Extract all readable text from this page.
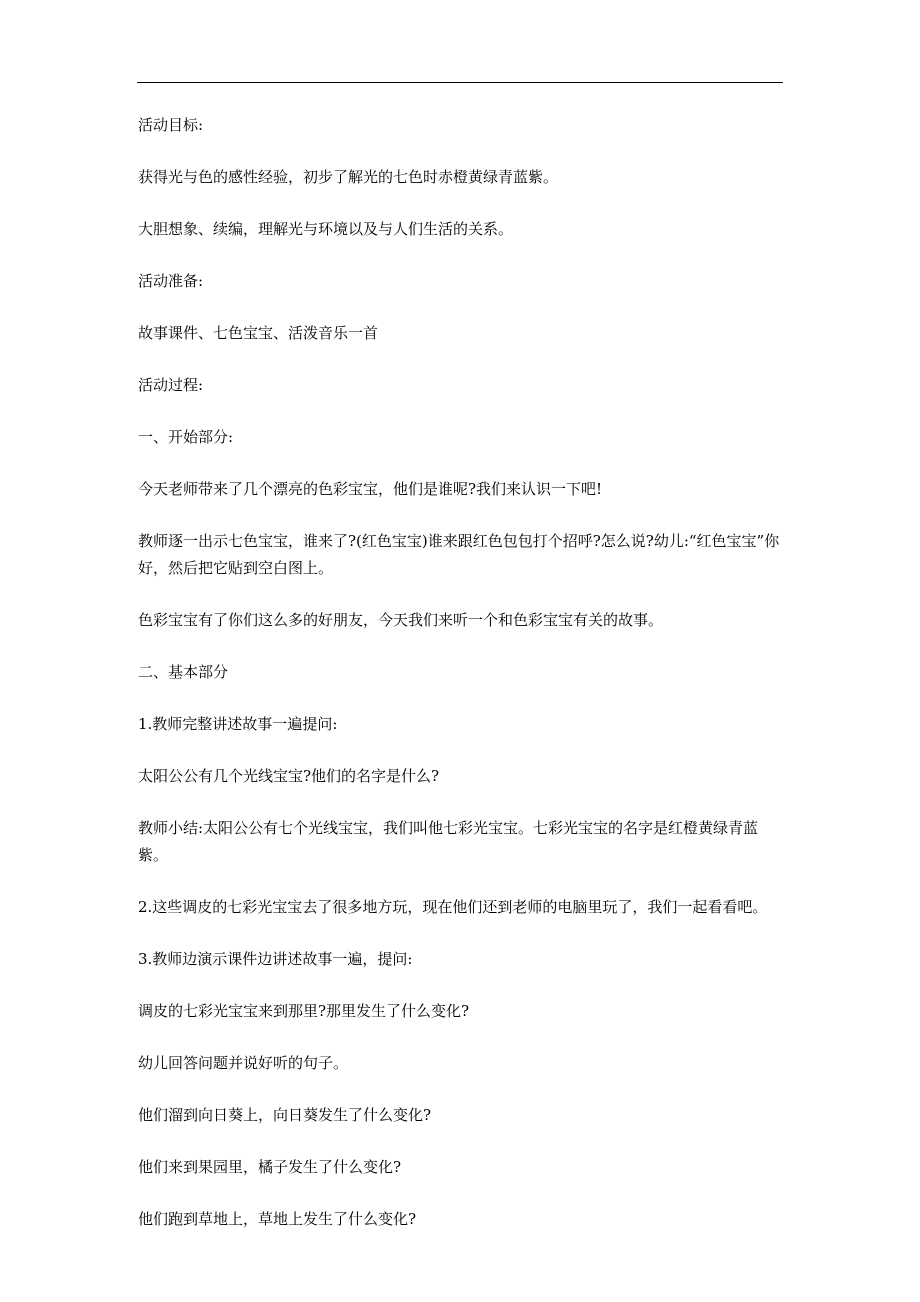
活动目标:

获得光与色的感性经验，初步了解光的七色时赤橙黄绿青蓝紫。

大胆想象、续编，理解光与环境以及与人们生活的关系。

活动准备:

故事课件、七色宝宝、活泼音乐一首

活动过程:

一、开始部分:

今天老师带来了几个漂亮的色彩宝宝，他们是谁呢?我们来认识一下吧!

教师逐一出示七色宝宝，谁来了?(红色宝宝)谁来跟红色包包打个招呼?怎么说?幼儿:“红色宝宝”你好，然后把它贴到空白图上。

色彩宝宝有了你们这么多的好朋友，今天我们来听一个和色彩宝宝有关的故事。

二、基本部分

1.教师完整讲述故事一遍提问:

太阳公公有几个光线宝宝?他们的名字是什么?

教师小结:太阳公公有七个光线宝宝，我们叫他七彩光宝宝。七彩光宝宝的名字是红橙黄绿青蓝紫。

2.这些调皮的七彩光宝宝去了很多地方玩，现在他们还到老师的电脑里玩了，我们一起看看吧。

3.教师边演示课件边讲述故事一遍，提问:

调皮的七彩光宝宝来到那里?那里发生了什么变化?

幼儿回答问题并说好听的句子。

他们溜到向日葵上，向日葵发生了什么变化?

他们来到果园里，橘子发生了什么变化?

他们跑到草地上，草地上发生了什么变化?
